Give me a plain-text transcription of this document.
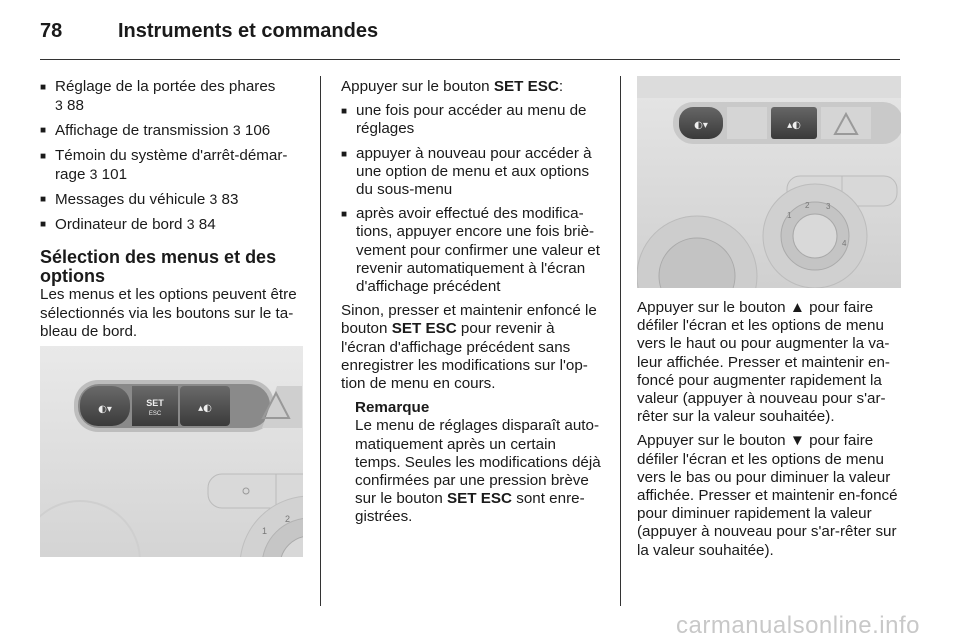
78	Instruments et commandes
■ Réglage de la portée des phares
3 88
■ Affichage de transmission 3 106
■ Témoin du système d'arrêt-démar-rage 3 101
■ Messages du véhicule 3 83
■ Ordinateur de bord 3 84
Sélection des menus et des options

Les menus et les options peuvent être sélectionnés via les boutons sur le ta-bleau de bord.

◐▾
SET
ESC	▴◐
1
2

Appuyer sur le bouton SET ESC:

■ une fois pour accéder au menu de réglages
■ appuyer à nouveau pour accéder à une option de menu et aux options du sous-menu
■ après avoir effectué des modifica-tions, appuyer encore une fois briè-vement pour confirmer une valeur et revenir automatiquement à l'écran d'affichage précédent

Sinon, presser et maintenir enfoncé le bouton SET ESC pour revenir à l'écran d'affichage précédent sans enregistrer les modifications sur l'op-tion de menu en cours.

Remarque
Le menu de réglages disparaît auto-matiquement après un certain temps. Seules les modifications déjà confirmées par une pression brève sur le bouton SET ESC sont enre-gistrées.
◐▾	▴◐
1
2 3
4

Appuyer sur le bouton ▲ pour faire défiler l'écran et les options de menu vers le haut ou pour augmenter la va-leur affichée. Presser et maintenir en-foncé pour augmenter rapidement la valeur (appuyer à nouveau pour s'ar-rêter sur la valeur souhaitée).

Appuyer sur le bouton ▼ pour faire défiler l'écran et les options de menu vers le bas ou pour diminuer la valeur affichée. Presser et maintenir en-foncé pour diminuer rapidement la valeur (appuyer à nouveau pour s'ar-rêter sur la valeur souhaitée).

carmanualsonline.info
